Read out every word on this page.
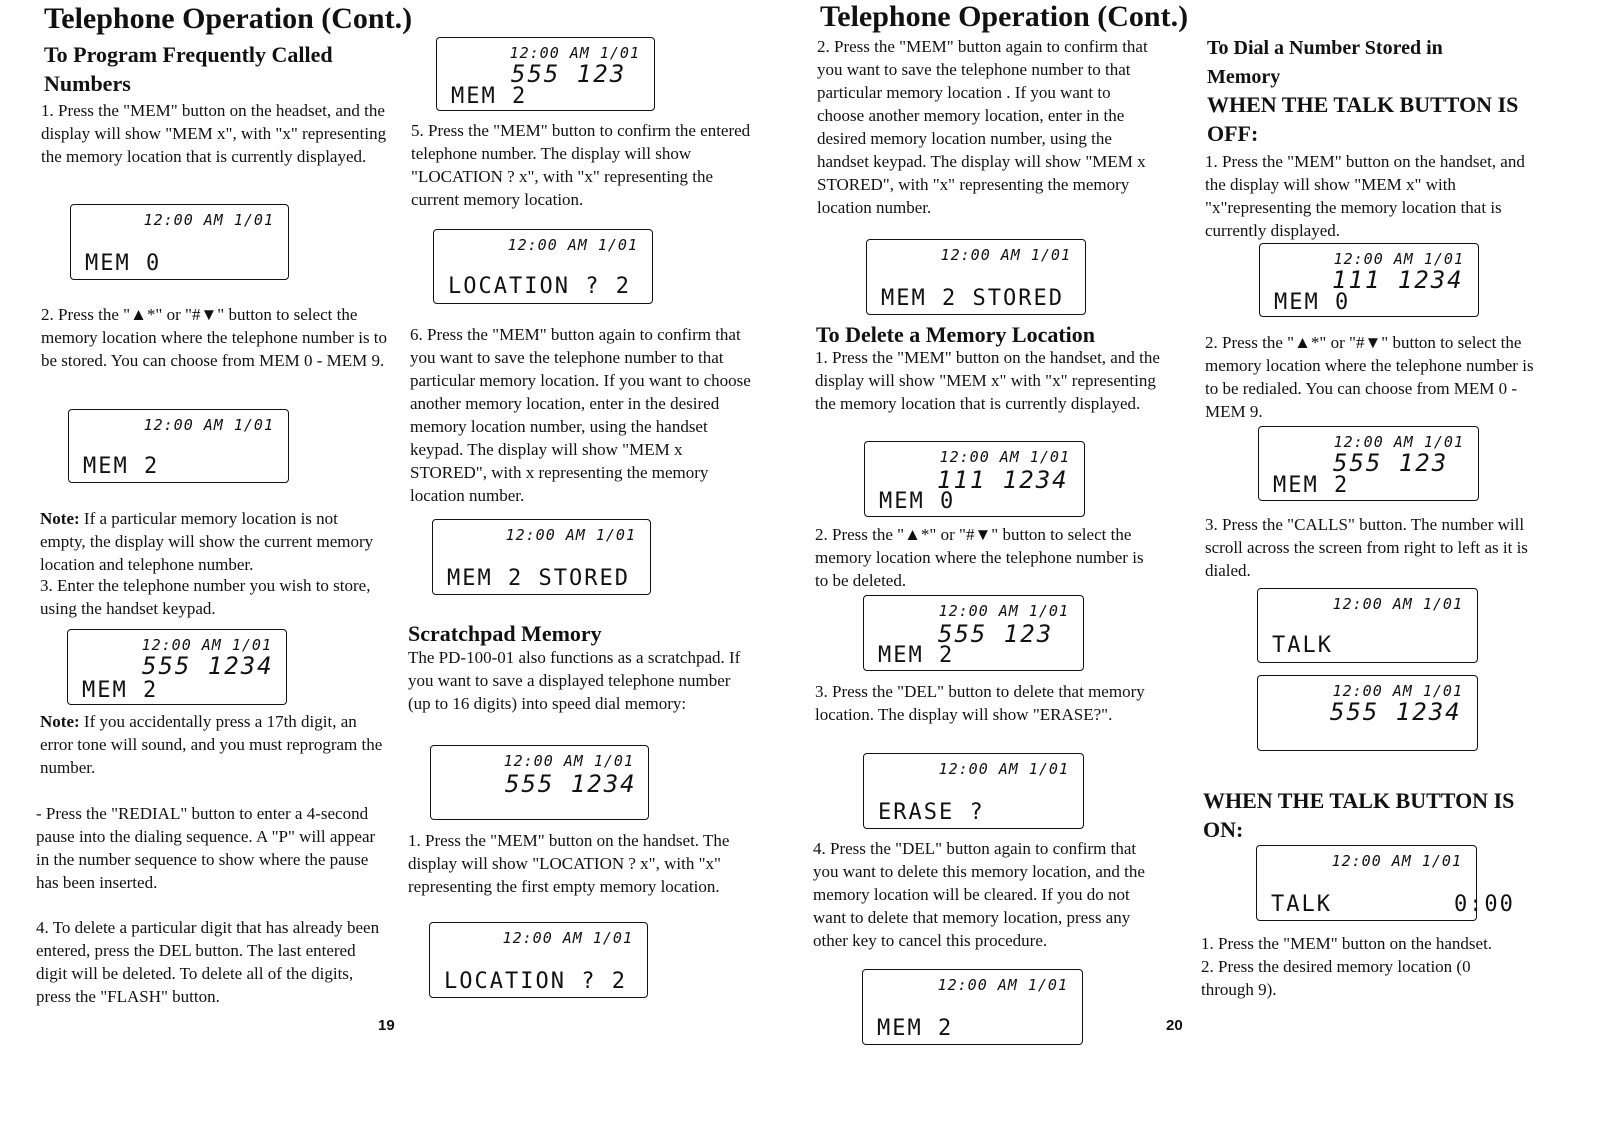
Telephone Operation (Cont.)
To Program Frequently Called Numbers
1. Press the "MEM" button on the headset, and the display will show "MEM x", with "x" representing the memory location that is currently displayed.
12:00 AM 1/01
MEM 0
2. Press the "▲*" or "#▼" button to select the memory location where the telephone number is to be stored. You can choose from MEM 0 - MEM 9.
12:00 AM 1/01
MEM 2
Note: If a particular memory location is not empty, the display will show the current memory location and telephone number.
3. Enter the telephone number you wish to store, using the handset keypad.
12:00 AM 1/01
555 1234
MEM 2
Note: If you accidentally press a 17th digit, an error tone will sound, and you must reprogram the number.
- Press the "REDIAL" button to enter a 4-second pause into the dialing sequence. A "P" will appear in the number sequence to show where the pause has been inserted.
4. To delete a particular digit that has already been entered, press the DEL button. The last entered digit will be deleted. To delete all of the digits, press the "FLASH" button.
19
12:00 AM 1/01
555 123
MEM 2
5. Press the "MEM" button to confirm the entered telephone number. The display will show "LOCATION ? x", with "x" representing the current memory location.
12:00 AM 1/01
LOCATION ? 2
6. Press the "MEM" button again to confirm that you want to save the telephone number to that particular memory location. If you want to choose another memory location, enter in the desired memory location number, using the handset keypad. The display will show "MEM x STORED", with x representing the memory location number.
12:00 AM 1/01
MEM 2 STORED
Scratchpad Memory
The PD-100-01 also functions as a scratchpad. If you want to save a displayed telephone number (up to 16 digits) into speed dial memory:
12:00 AM 1/01
555 1234
1. Press the "MEM" button on the handset. The display will show "LOCATION ? x", with "x" representing the first empty memory location.
12:00 AM 1/01
LOCATION ? 2
Telephone Operation (Cont.)
2. Press the "MEM" button again to confirm that you want to save the telephone number to that particular memory location . If you want to choose another memory location, enter in the desired memory location number, using the handset keypad. The display will show "MEM x STORED", with "x" representing the memory location number.
12:00 AM 1/01
MEM 2 STORED
To Delete a Memory Location
1. Press the "MEM" button on the handset, and the display will show "MEM x" with "x" representing the memory location that is currently displayed.
12:00 AM 1/01
111 1234
MEM 0
2. Press the "▲*" or "#▼" button to select the memory location where the telephone number is to be deleted.
12:00 AM 1/01
555 123
MEM 2
3. Press the "DEL" button to delete that memory location. The display will show "ERASE?".
12:00 AM 1/01
ERASE ?
4. Press the "DEL" button again to confirm that you want to delete this memory location, and the memory location will be cleared. If you do not want to delete that memory location, press any other key to cancel this procedure.
12:00 AM 1/01
MEM 2	20
To Dial a Number Stored in Memory
WHEN THE TALK BUTTON IS OFF:
1. Press the "MEM" button on the handset, and the display will show "MEM x" with "x"representing the memory location that is currently displayed.
12:00 AM 1/01
111 1234
MEM 0
2. Press the "▲*" or "#▼" button to select the memory location where the telephone number is to be redialed. You can choose from MEM 0 - MEM 9.
12:00 AM 1/01
555 123
MEM 2
3. Press the "CALLS" button. The number will scroll across the screen from right to left as it is dialed.
12:00 AM 1/01
TALK
12:00 AM 1/01
555 1234
WHEN THE TALK BUTTON IS ON:
12:00 AM 1/01
TALK        0:00
1. Press the "MEM" button on the handset.
2. Press the desired memory location (0 through 9).
